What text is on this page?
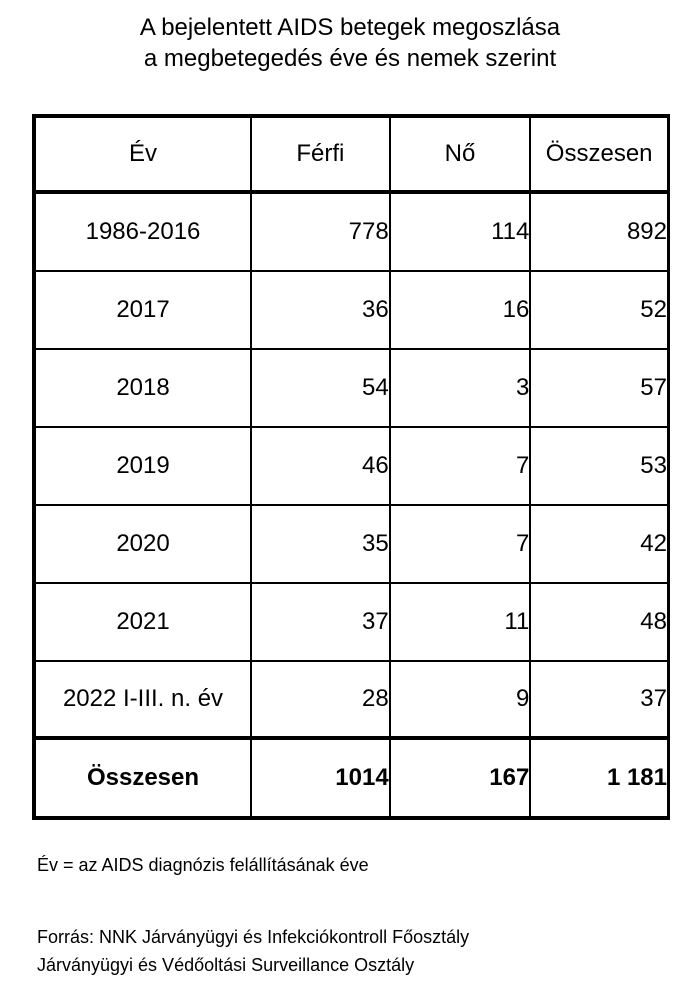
A bejelentett AIDS betegek megoszlása
a megbetegedés éve és nemek szerint
Év	Férfi	Nő	Összesen
1986-2016	778	114	892
2017	36	16	52
2018	54	3	57
2019	46	7	53
2020	35	7	42
2021	37	11	48
2022 I-III. n. év	28	9	37
Összesen	1014	167	1 181
Év = az AIDS diagnózis felállításának éve
Forrás: NNK Járványügyi és Infekciókontroll Főosztály
Járványügyi és Védőoltási Surveillance Osztály
